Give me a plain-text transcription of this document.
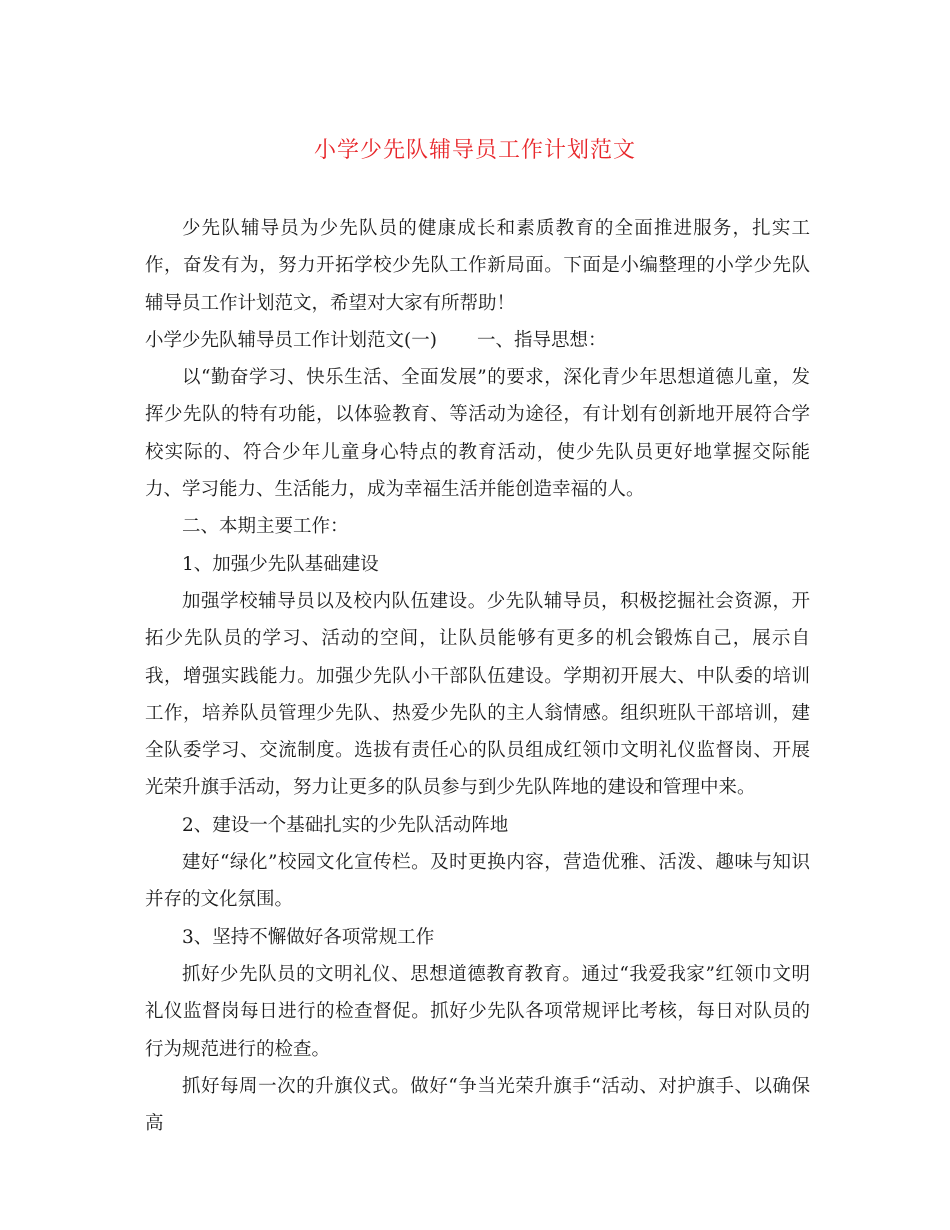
小学少先队辅导员工作计划范文

少先队辅导员为少先队员的健康成长和素质教育的全面推进服务，扎实工作，奋发有为，努力开拓学校少先队工作新局面。下面是小编整理的小学少先队辅导员工作计划范文，希望对大家有所帮助！

小学少先队辅导员工作计划范文(一) 一、指导思想：

以“勤奋学习、快乐生活、全面发展”的要求，深化青少年思想道德儿童，发挥少先队的特有功能，以体验教育、等活动为途径，有计划有创新地开展符合学校实际的、符合少年儿童身心特点的教育活动，使少先队员更好地掌握交际能力、学习能力、生活能力，成为幸福生活并能创造幸福的人。

二、本期主要工作：

1、加强少先队基础建设

加强学校辅导员以及校内队伍建设。少先队辅导员，积极挖掘社会资源，开拓少先队员的学习、活动的空间，让队员能够有更多的机会锻炼自己，展示自我，增强实践能力。加强少先队小干部队伍建设。学期初开展大、中队委的培训工作，培养队员管理少先队、热爱少先队的主人翁情感。组织班队干部培训，建全队委学习、交流制度。选拔有责任心的队员组成红领巾文明礼仪监督岗、开展光荣升旗手活动，努力让更多的队员参与到少先队阵地的建设和管理中来。

2、建设一个基础扎实的少先队活动阵地

建好“绿化”校园文化宣传栏。及时更换内容，营造优雅、活泼、趣味与知识并存的文化氛围。

3、坚持不懈做好各项常规工作

抓好少先队员的文明礼仪、思想道德教育教育。通过“我爱我家”红领巾文明礼仪监督岗每日进行的检查督促。抓好少先队各项常规评比考核，每日对队员的行为规范进行的检查。

抓好每周一次的升旗仪式。做好“争当光荣升旗手“活动、对护旗手、以确保高
